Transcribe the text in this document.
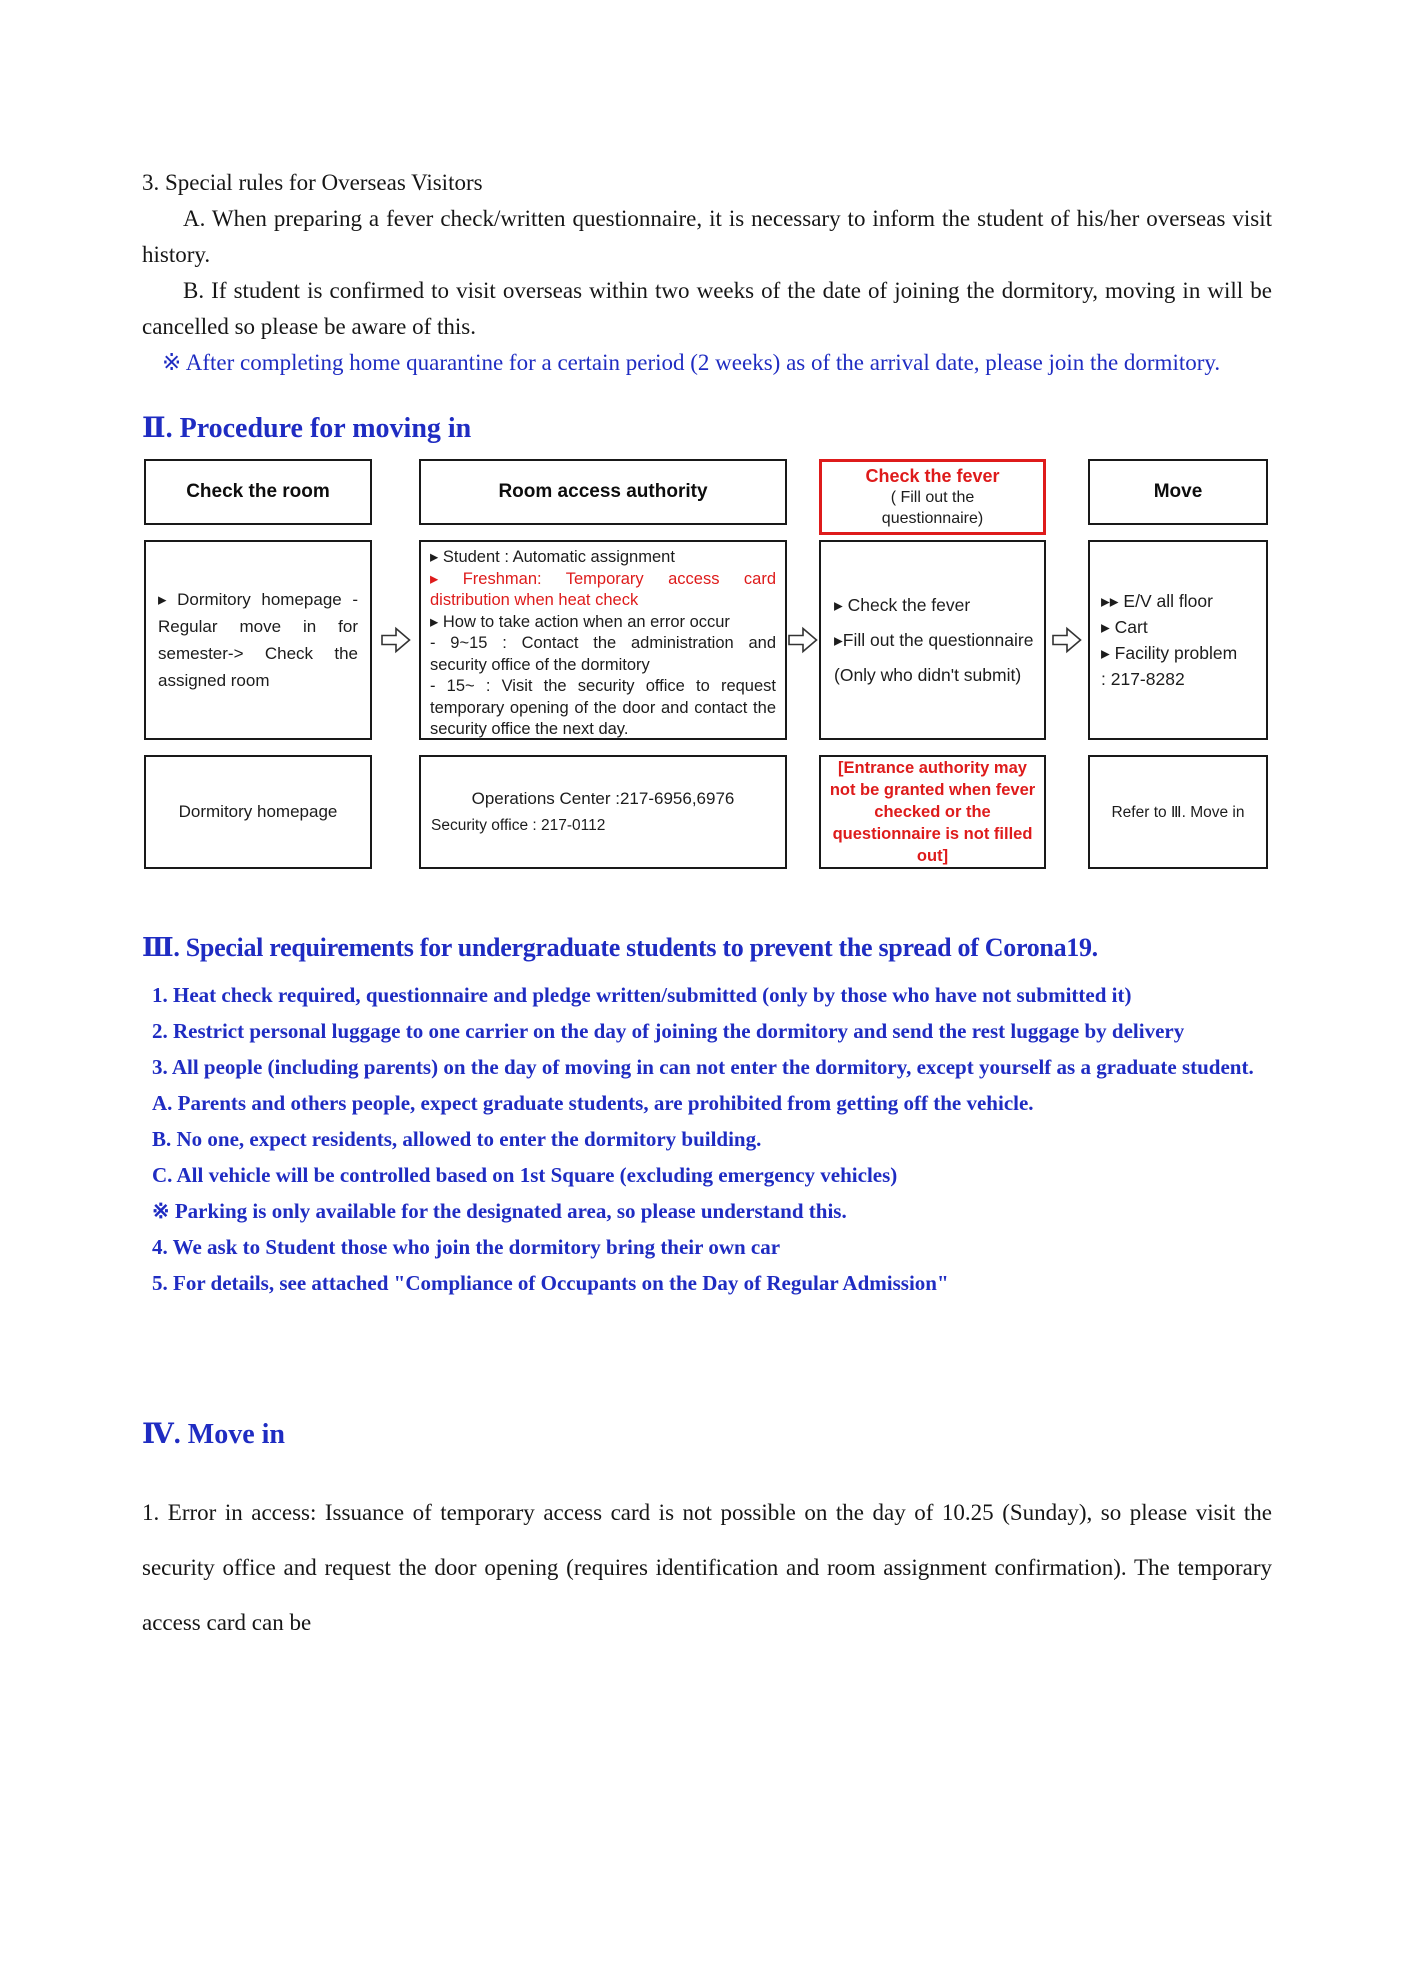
3. Special rules for Overseas Visitors

A. When preparing a fever check/written questionnaire, it is necessary to inform the student of his/her overseas visit history.

B. If student is confirmed to visit overseas within two weeks of the date of joining the dormitory, moving in will be cancelled so please be aware of this.

※ After completing home quarantine for a certain period (2 weeks) as of the arrival date, please join the dormitory.

Ⅱ. Procedure for moving in
Check the room	Room access authority
Check the fever
( Fill out the
questionnaire)
Move

▸ Dormitory homepage - Regular move in for semester-> Check the assigned room

▸ Student : Automatic assignment

▸ Freshman: Temporary access card distribution when heat check

▸ How to take action when an error occur

- 9~15 : Contact the administration and security office of the dormitory

- 15~ : Visit the security office to request temporary opening of the door and contact the security office the next day.

▸ Check the fever

▸Fill out the questionnaire

(Only who didn't submit)

▸▸ E/V all floor

▸ Cart

▸ Facility problem

: 217-8282

Dormitory homepage

Operations Center :217-6956,6976

Security office : 217-0112

[Entrance authority may not be granted when fever checked or the questionnaire is not filled out]
Refer to Ⅲ. Move in
Ⅲ. Special requirements for undergraduate students to prevent the spread of Corona19.

1. Heat check required, questionnaire and pledge written/submitted (only by those who have not submitted it)

2. Restrict personal luggage to one carrier on the day of joining the dormitory and send the rest luggage by delivery

3. All people (including parents) on the day of moving in can not enter the dormitory, except yourself as a graduate student.

A. Parents and others people, expect graduate students, are prohibited from getting off the vehicle.

B. No one, expect residents, allowed to enter the dormitory building.

C. All vehicle will be controlled based on 1st Square (excluding emergency vehicles)

※ Parking is only available for the designated area, so please understand this.

4. We ask to Student those who join the dormitory bring their own car

5. For details, see attached "Compliance of Occupants on the Day of Regular Admission"

Ⅳ. Move in

1. Error in access: Issuance of temporary access card is not possible on the day of 10.25 (Sunday), so please visit the security office and request the door opening (requires identification and room assignment confirmation). The temporary access card can be
